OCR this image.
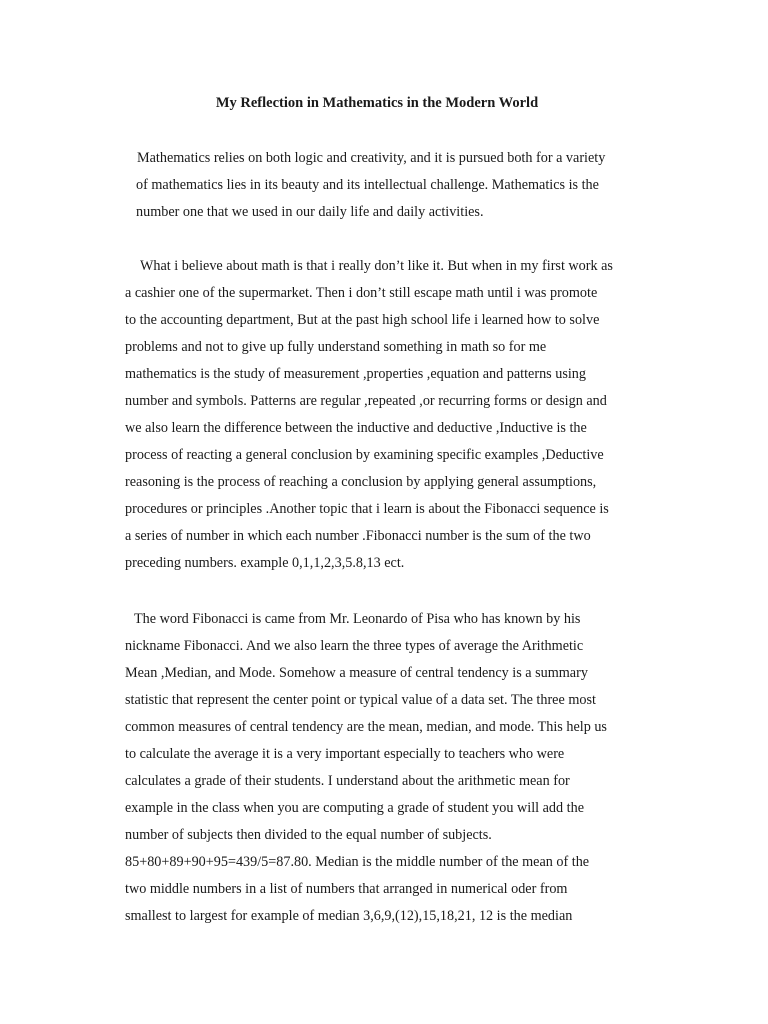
My Reflection in Mathematics in the Modern World
Mathematics relies on both logic and creativity, and it is pursued both for a variety
of mathematics lies in its beauty and its intellectual challenge. Mathematics is the
number one that we used in our daily life and daily activities.
What i believe about math is that i really don’t like it. But when in my first work as
a cashier one of the supermarket. Then i don’t still escape math until i was promote
to the accounting department, But at the past high school life i learned how to solve
problems and not to give up fully understand something in math so for me
mathematics is the study of measurement ,properties ,equation and patterns using
number and symbols. Patterns are regular ,repeated ,or recurring forms or design and
we also learn the difference between the inductive and deductive ,Inductive is the
process of reacting a general conclusion by examining specific examples ,Deductive
reasoning is the process of reaching a conclusion by applying general assumptions,
procedures or principles .Another topic that i learn is about the Fibonacci sequence is
a series of number in which each number .Fibonacci number is the sum of the two
preceding numbers. example 0,1,1,2,3,5.8,13 ect.
The word Fibonacci is came from Mr. Leonardo of Pisa who has known by his
nickname Fibonacci. And we also learn the three types of average the Arithmetic
Mean ,Median, and Mode. Somehow a measure of central tendency is a summary
statistic that represent the center point or typical value of a data set. The three most
common measures of central tendency are the mean, median, and mode. This help us
to calculate the average it is a very important especially to teachers who were
calculates a grade of their students. I understand about the arithmetic mean for
example in the class when you are computing a grade of student you will add the
number of subjects then divided to the equal number of subjects.
85+80+89+90+95=439/5=87.80. Median is the middle number of the mean of the
two middle numbers in a list of numbers that arranged in numerical oder from
smallest to largest for example of median 3,6,9,(12),15,18,21, 12 is the median
